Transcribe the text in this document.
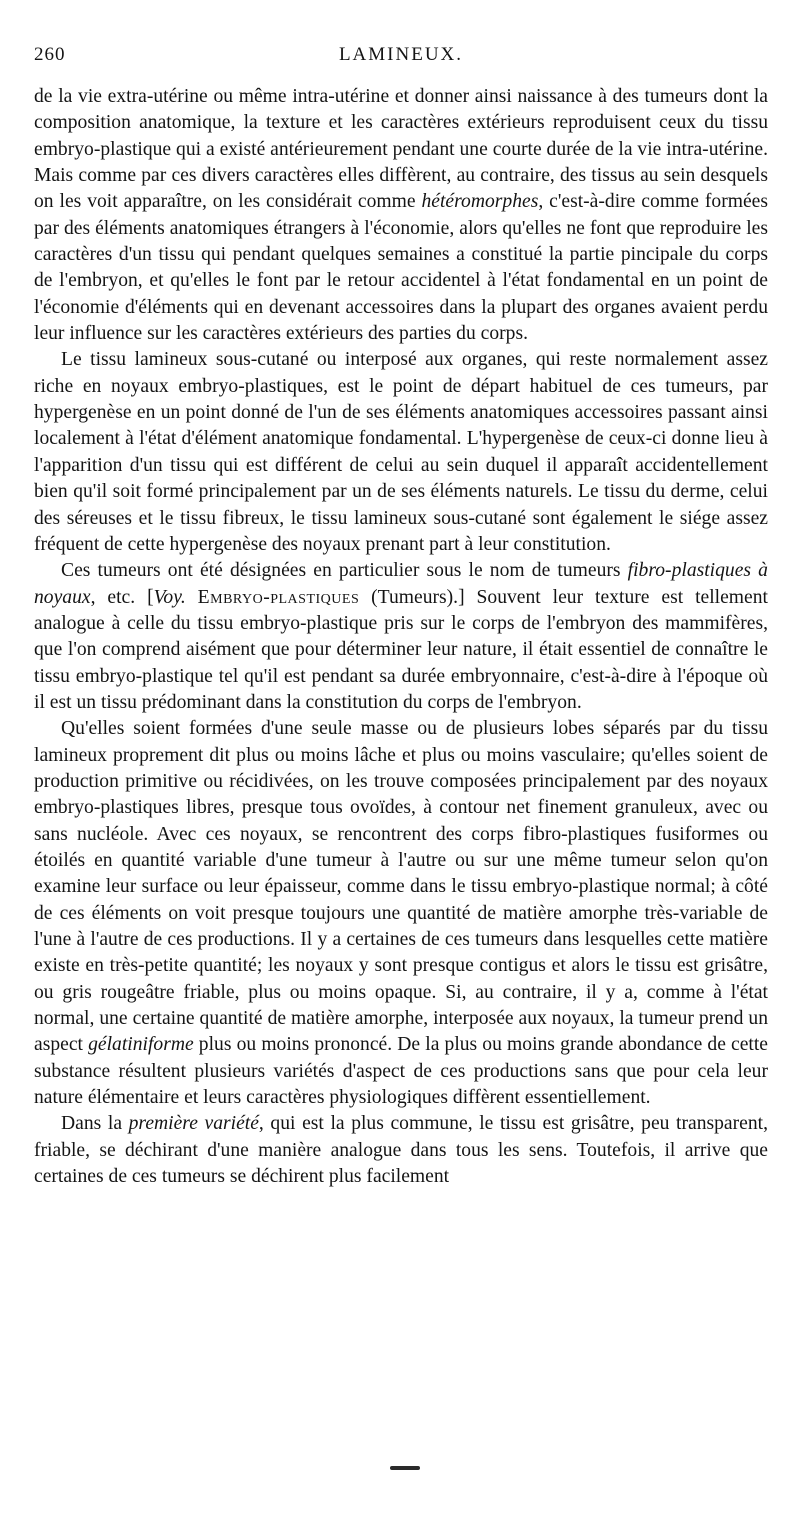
260	LAMINEUX.

de la vie extra-utérine ou même intra-utérine et donner ainsi naissance à des tumeurs dont la composition anatomique, la texture et les caractères extérieurs reproduisent ceux du tissu embryo-plastique qui a existé antérieurement pendant une courte durée de la vie intra-utérine. Mais comme par ces divers caractères elles diffèrent, au contraire, des tissus au sein desquels on les voit apparaître, on les considérait comme hétéromorphes, c'est-à-dire comme formées par des éléments anatomiques étrangers à l'économie, alors qu'elles ne font que reproduire les caractères d'un tissu qui pendant quelques semaines a constitué la partie pincipale du corps de l'embryon, et qu'elles le font par le retour accidentel à l'état fondamental en un point de l'économie d'éléments qui en devenant accessoires dans la plupart des organes avaient perdu leur influence sur les caractères extérieurs des parties du corps.

Le tissu lamineux sous-cutané ou interposé aux organes, qui reste normalement assez riche en noyaux embryo-plastiques, est le point de départ habituel de ces tumeurs, par hypergenèse en un point donné de l'un de ses éléments anatomiques accessoires passant ainsi localement à l'état d'élément anatomique fondamental. L'hypergenèse de ceux-ci donne lieu à l'apparition d'un tissu qui est différent de celui au sein duquel il apparaît accidentellement bien qu'il soit formé principalement par un de ses éléments naturels. Le tissu du derme, celui des séreuses et le tissu fibreux, le tissu lamineux sous-cutané sont également le siége assez fréquent de cette hypergenèse des noyaux prenant part à leur constitution.

Ces tumeurs ont été désignées en particulier sous le nom de tumeurs fibro-plastiques à noyaux, etc. [Voy. Embryo-plastiques (Tumeurs).] Souvent leur texture est tellement analogue à celle du tissu embryo-plastique pris sur le corps de l'embryon des mammifères, que l'on comprend aisément que pour déterminer leur nature, il était essentiel de connaître le tissu embryo-plastique tel qu'il est pendant sa durée embryonnaire, c'est-à-dire à l'époque où il est un tissu prédominant dans la constitution du corps de l'embryon.

Qu'elles soient formées d'une seule masse ou de plusieurs lobes séparés par du tissu lamineux proprement dit plus ou moins lâche et plus ou moins vasculaire; qu'elles soient de production primitive ou récidivées, on les trouve composées principalement par des noyaux embryo-plastiques libres, presque tous ovoïdes, à contour net finement granuleux, avec ou sans nucléole. Avec ces noyaux, se rencontrent des corps fibro-plastiques fusiformes ou étoilés en quantité variable d'une tumeur à l'autre ou sur une même tumeur selon qu'on examine leur surface ou leur épaisseur, comme dans le tissu embryo-plastique normal; à côté de ces éléments on voit presque toujours une quantité de matière amorphe très-variable de l'une à l'autre de ces productions. Il y a certaines de ces tumeurs dans lesquelles cette matière existe en très-petite quantité; les noyaux y sont presque contigus et alors le tissu est grisâtre, ou gris rougeâtre friable, plus ou moins opaque. Si, au contraire, il y a, comme à l'état normal, une certaine quantité de matière amorphe, interposée aux noyaux, la tumeur prend un aspect gélatiniforme plus ou moins prononcé. De la plus ou moins grande abondance de cette substance résultent plusieurs variétés d'aspect de ces productions sans que pour cela leur nature élémentaire et leurs caractères physiologiques diffèrent essentiellement.

Dans la première variété, qui est la plus commune, le tissu est grisâtre, peu transparent, friable, se déchirant d'une manière analogue dans tous les sens. Toutefois, il arrive que certaines de ces tumeurs se déchirent plus facilement
